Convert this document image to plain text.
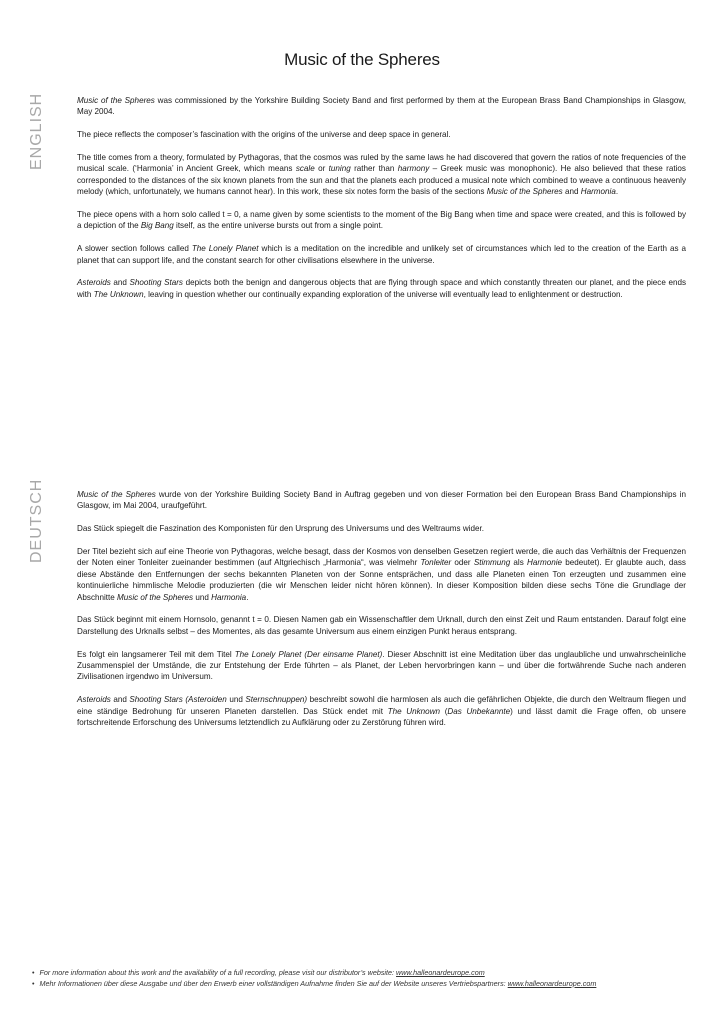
Music of the Spheres
ENGLISH	Music of the Spheres was commissioned by the Yorkshire Building Society Band and first performed by them at the European Brass Band Championships in Glasgow, May 2004.

The piece reflects the composer’s fascination with the origins of the universe and deep space in general.

The title comes from a theory, formulated by Pythagoras, that the cosmos was ruled by the same laws he had discovered that govern the ratios of note frequencies of the musical scale. (‘Harmonia’ in Ancient Greek, which means scale or tuning rather than harmony – Greek music was monophonic). He also believed that these ratios corresponded to the distances of the six known planets from the sun and that the planets each produced a musical note which combined to weave a continuous heavenly melody (which, unfortunately, we humans cannot hear). In this work, these six notes form the basis of the sections Music of the Spheres and Harmonia.

The piece opens with a horn solo called t = 0, a name given by some scientists to the moment of the Big Bang when time and space were created, and this is followed by a depiction of the Big Bang itself, as the entire universe bursts out from a single point.

A slower section follows called The Lonely Planet which is a meditation on the incredible and unlikely set of circumstances which led to the creation of the Earth as a planet that can support life, and the constant search for other civilisations elsewhere in the universe.

Asteroids and Shooting Stars depicts both the benign and dangerous objects that are flying through space and which constantly threaten our planet, and the piece ends with The Unknown, leaving in question whether our continually expanding exploration of the universe will eventually lead to enlightenment or destruction.

DEUTSCH	Music of the Spheres wurde von der Yorkshire Building Society Band in Auftrag gegeben und von dieser Formation bei den European Brass Band Championships in Glasgow, im Mai 2004, uraufgeführt.

Das Stück spiegelt die Faszination des Komponisten für den Ursprung des Universums und des Weltraums wider.

Der Titel bezieht sich auf eine Theorie von Pythagoras, welche besagt, dass der Kosmos von denselben Gesetzen regiert werde, die auch das Verhältnis der Frequenzen der Noten einer Tonleiter zueinander bestimmen (auf Altgriechisch „Harmonia“, was vielmehr Tonleiter oder Stimmung als Harmonie bedeutet). Er glaubte auch, dass diese Abstände den Entfernungen der sechs bekannten Planeten von der Sonne entsprächen, und dass alle Planeten einen Ton erzeugten und zusammen eine kontinuierliche himmlische Melodie produzierten (die wir Menschen leider nicht hören können). In dieser Komposition bilden diese sechs Töne die Grundlage der Abschnitte Music of the Spheres und Harmonia.

Das Stück beginnt mit einem Hornsolo, genannt t = 0. Diesen Namen gab ein Wissenschaftler dem Urknall, durch den einst Zeit und Raum entstanden. Darauf folgt eine Darstellung des Urknalls selbst – des Momentes, als das gesamte Universum aus einem einzigen Punkt heraus entsprang.

Es folgt ein langsamerer Teil mit dem Titel The Lonely Planet (Der einsame Planet). Dieser Abschnitt ist eine Meditation über das unglaubliche und unwahrscheinliche Zusammenspiel der Umstände, die zur Entstehung der Erde führten – als Planet, der Leben hervorbringen kann – und über die fortwährende Suche nach anderen Zivilisationen irgendwo im Universum.

Asteroids and Shooting Stars (Asteroiden und Sternschnuppen) beschreibt sowohl die harmlosen als auch die gefährlichen Objekte, die durch den Weltraum fliegen und eine ständige Bedrohung für unseren Planeten darstellen. Das Stück endet mit The Unknown (Das Unbekannte) und lässt damit die Frage offen, ob unsere fortschreitende Erforschung des Universums letztendlich zu Aufklärung oder zu Zerstörung führen wird.

• For more information about this work and the availability of a full recording, please visit our distributor’s website: www.halleonardeurope.com
• Mehr Informationen über diese Ausgabe und über den Erwerb einer vollständigen Aufnahme finden Sie auf der Website unseres Vertriebspartners: www.halleonardeurope.com
